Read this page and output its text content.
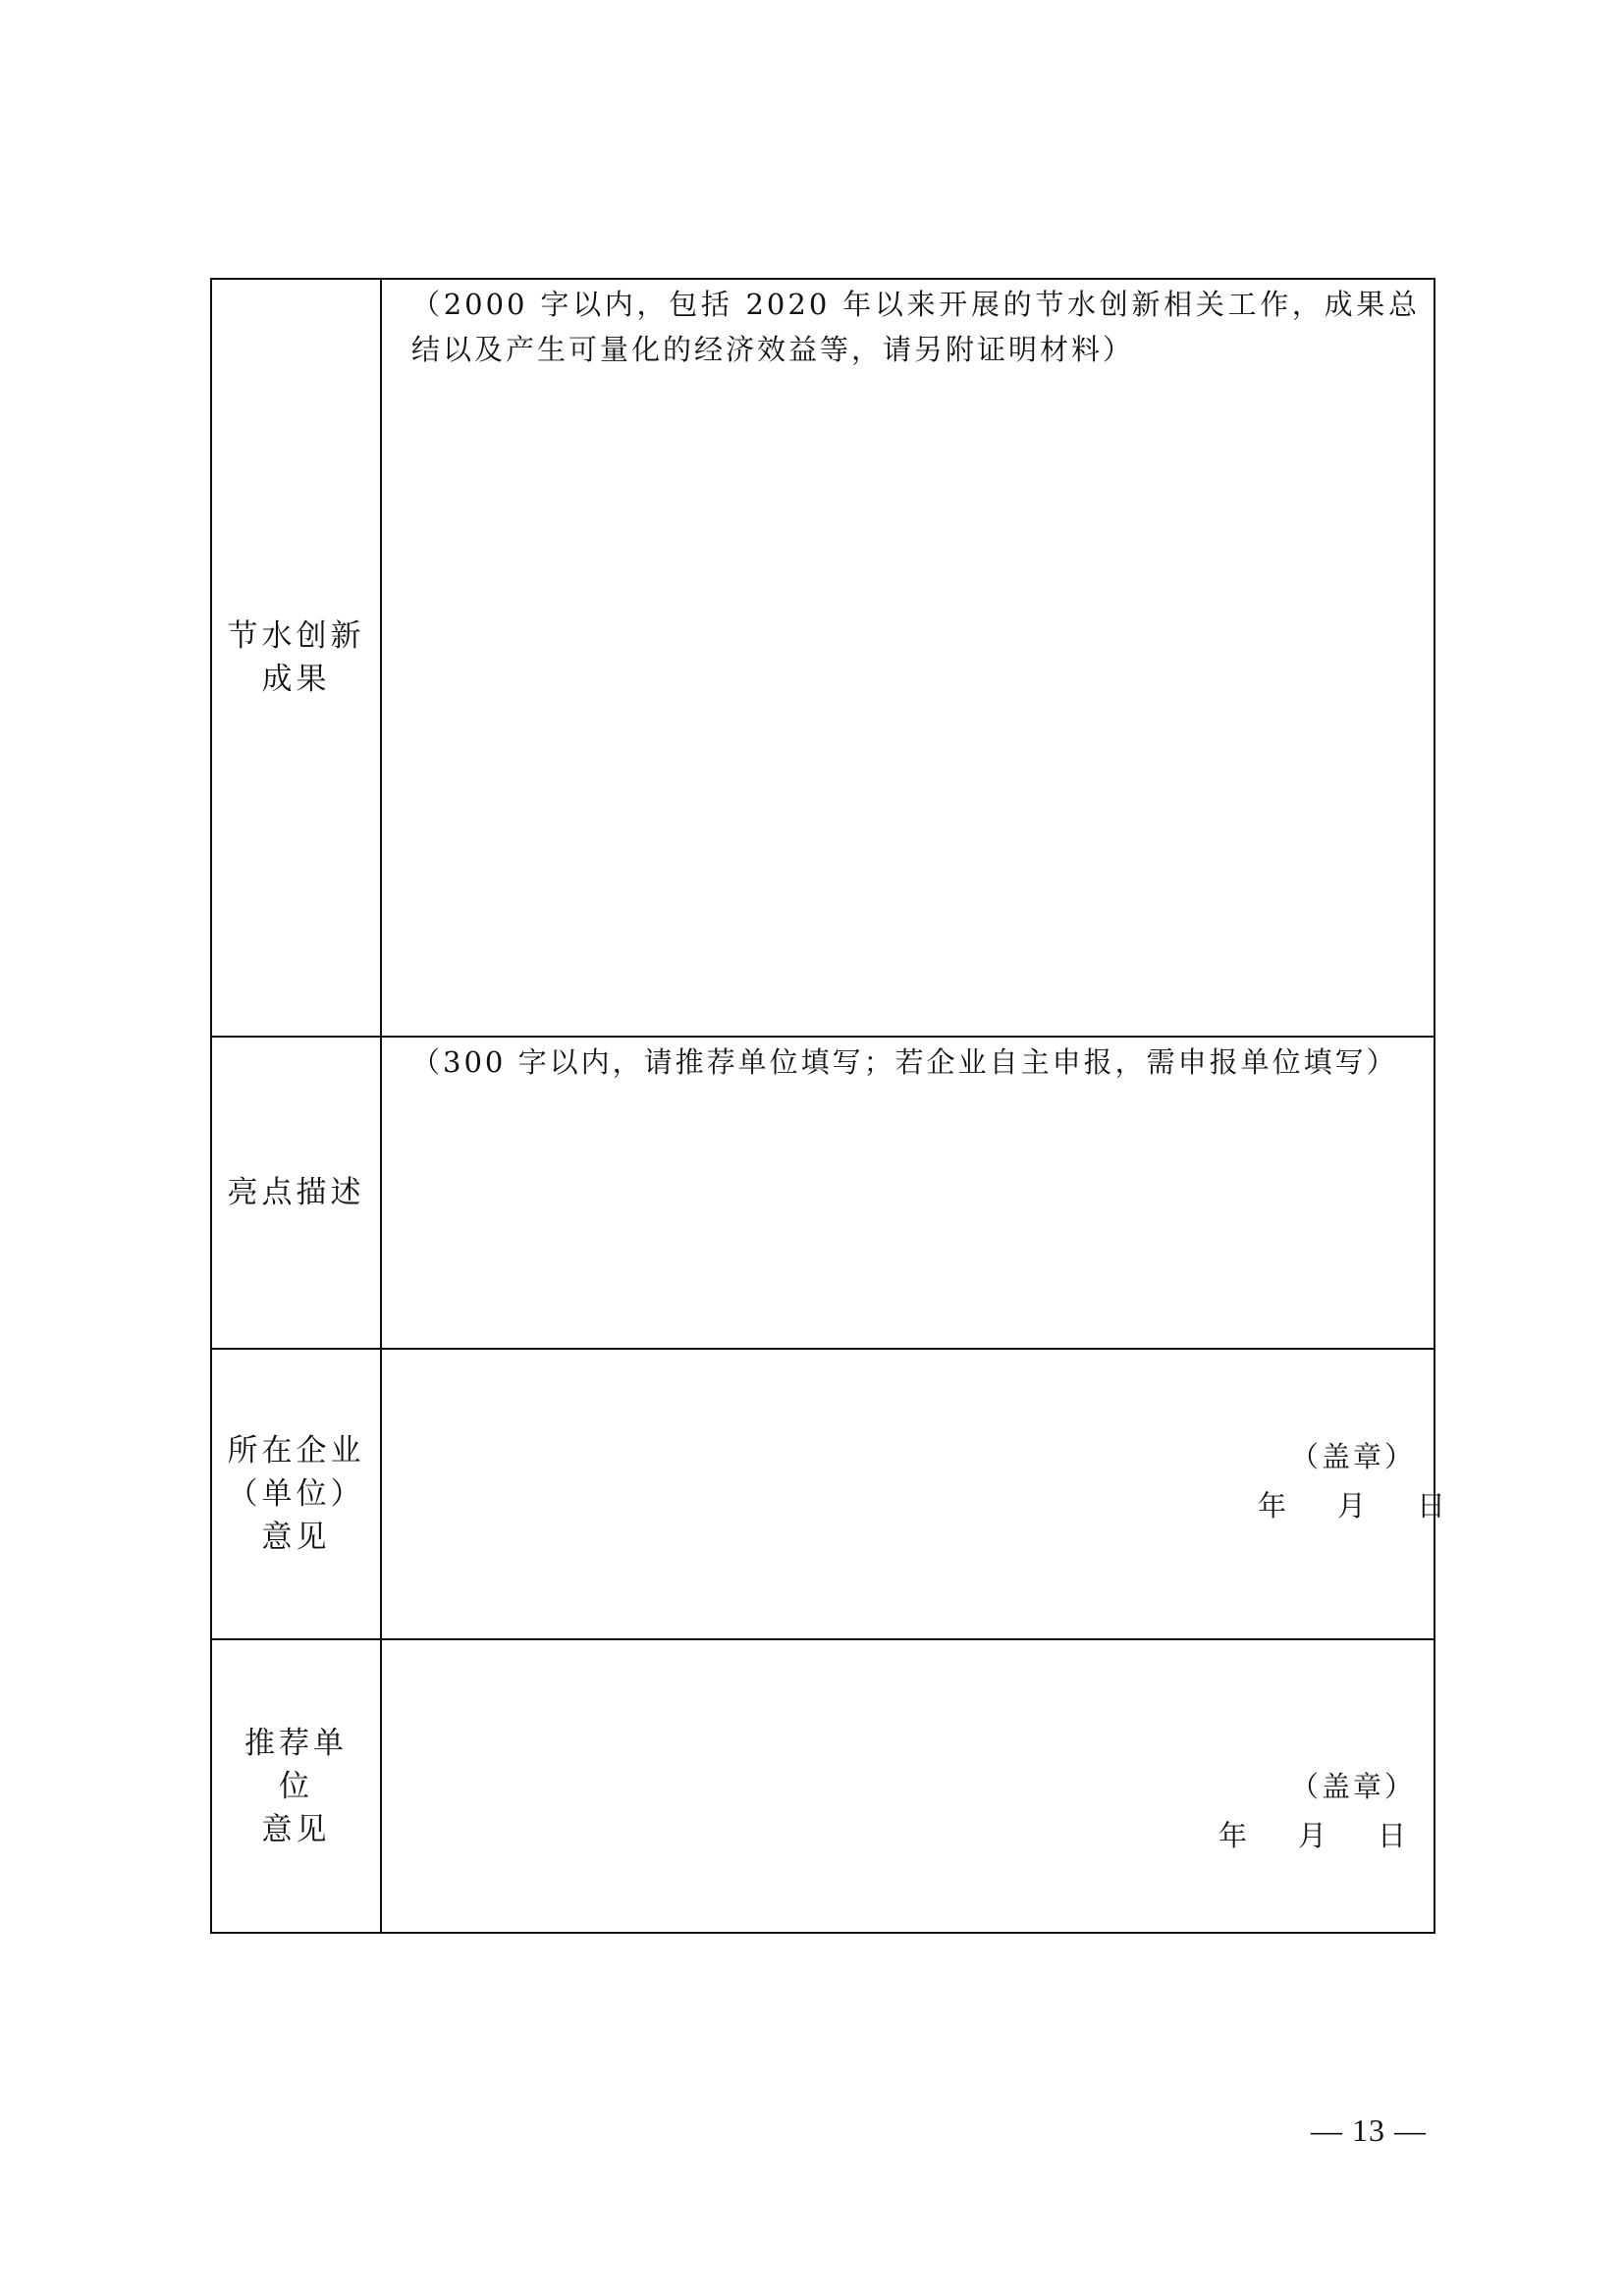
节水创新
成果	（2000 字以内，包括 2020 年以来开展的节水创新相关工作，成果总结以及产生可量化的经济效益等，请另附证明材料）

亮点描述	（300 字以内，请推荐单位填写；若企业自主申报，需申报单位填写）

所在企业
（单位）
意见	（盖章）
年 月 日

推荐单
位
意见	（盖章）
年 月 日
— 13 —
